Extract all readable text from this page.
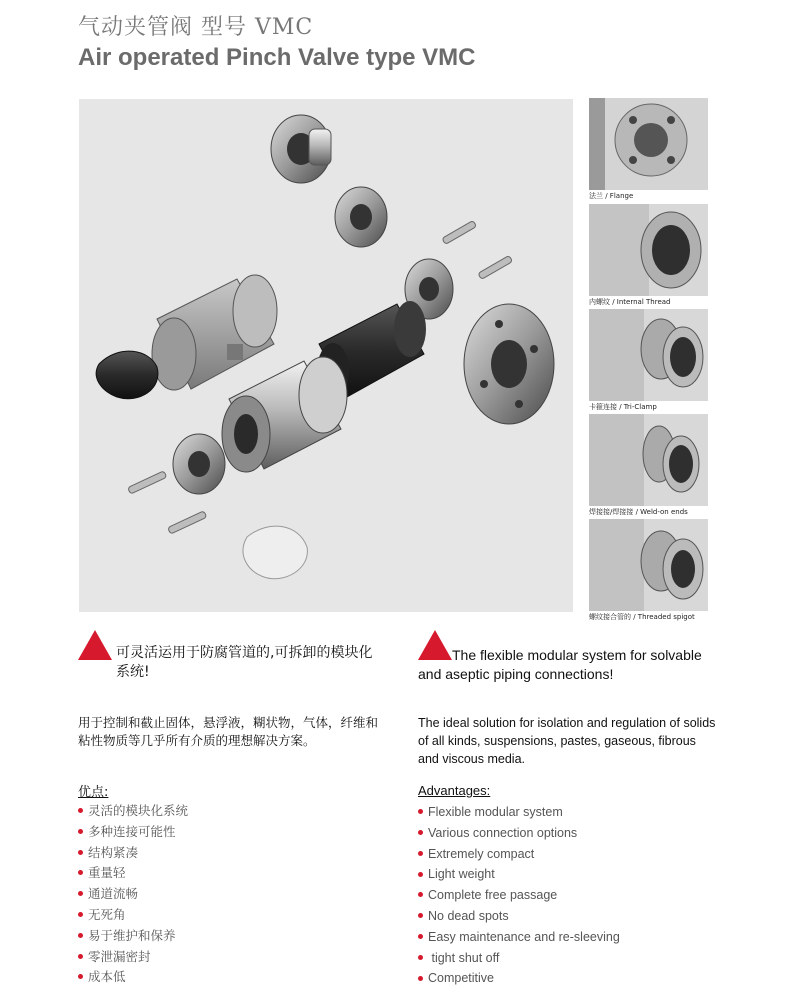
气动夹管阀 型号 VMC
Air operated Pinch Valve type VMC
法兰 / Flange
内螺纹 / Internal Thread
卡箍连接 / Tri-Clamp
焊接接/焊接接 / Weld-on ends
螺纹接合管的 / Threaded spigot
可灵活运用于防腐管道的,可拆卸的模块化系统!
用于控制和截止固体，悬浮液，糊状物，气体，纤维和粘性物质等几乎所有介质的理想解决方案。
优点:
灵活的模块化系统
多种连接可能性
结构紧凑
重量轻
通道流畅
无死角
易于维护和保养
零泄漏密封
成本低
The flexible modular system for solvable and aseptic piping connections!
The ideal solution for isolation and regulation of solids of all kinds, suspensions, pastes, gaseous, fibrous and viscous media.
Advantages:
Flexible modular system
Various connection options
Extremely compact
Light weight
Complete free passage
No dead spots
Easy maintenance and re-sleeving
tight shut off
Competitive
